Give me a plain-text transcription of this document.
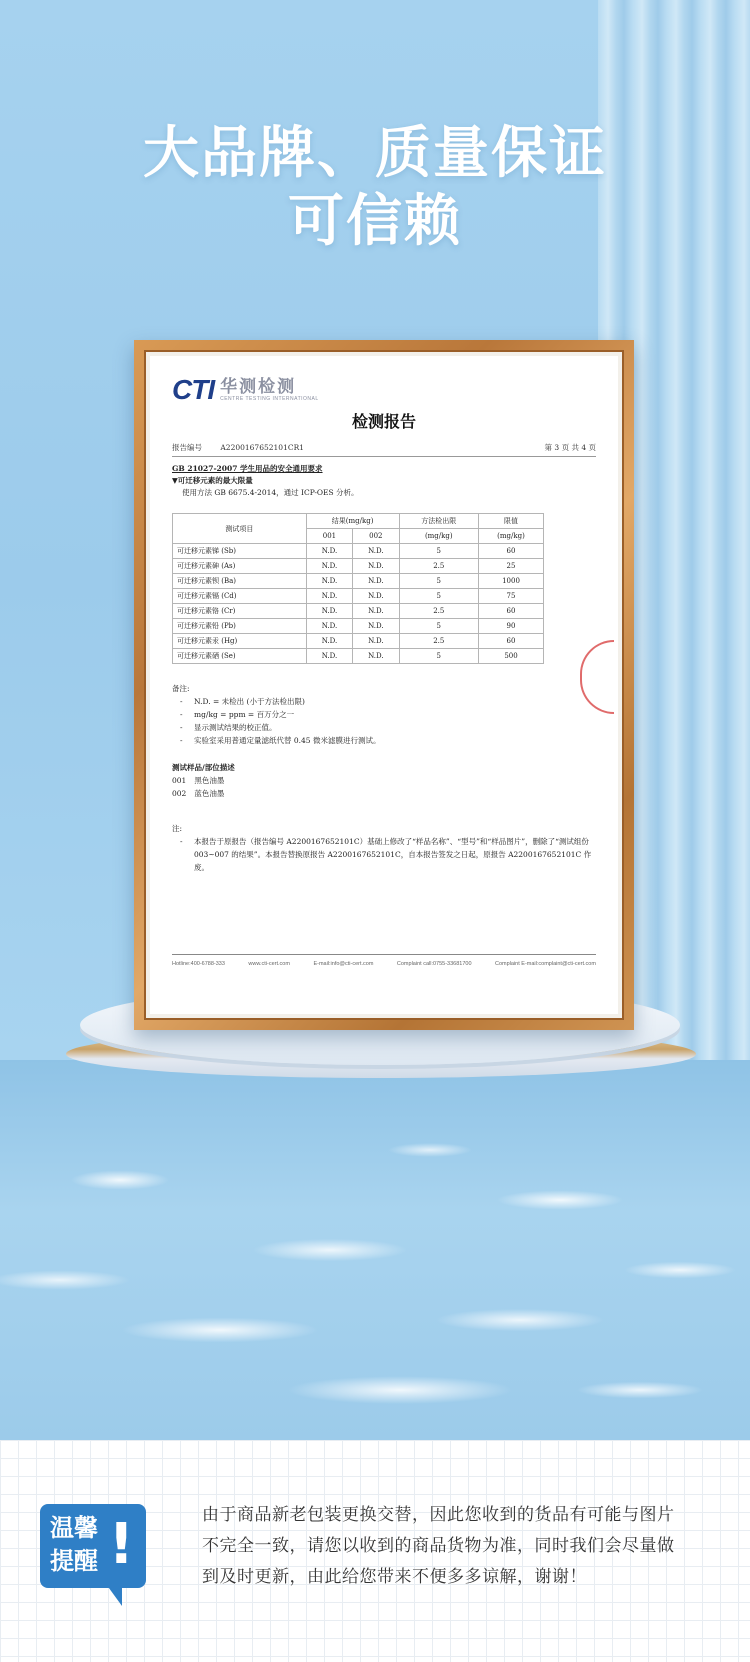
大品牌、质量保证
可信赖
CTI 华测检测
CENTRE TESTING INTERNATIONAL
检测报告
报告编号 A2200167652101CR1	第 3 页 共 4 页
GB 21027-2007 学生用品的安全通用要求
▼可迁移元素的最大限量
使用方法 GB 6675.4-2014，通过 ICP-OES 分析。
测试项目	结果(mg/kg)		方法检出限	限值
	001	002	(mg/kg)	(mg/kg)
可迁移元素锑 (Sb)	N.D.	N.D.	5	60
可迁移元素砷 (As)	N.D.	N.D.	2.5	25
可迁移元素钡 (Ba)	N.D.	N.D.	5	1000
可迁移元素镉 (Cd)	N.D.	N.D.	5	75
可迁移元素铬 (Cr)	N.D.	N.D.	2.5	60
可迁移元素铅 (Pb)	N.D.	N.D.	5	90
可迁移元素汞 (Hg)	N.D.	N.D.	2.5	60
可迁移元素硒 (Se)	N.D.	N.D.	5	500
备注:
- N.D. = 未检出 (小于方法检出限)
- mg/kg = ppm = 百万分之一
- 显示测试结果的校正值。
- 实验室采用普通定量滤纸代替 0.45 微米滤膜进行测试。
测试样品/部位描述
001 黑色油墨
002 蓝色油墨
注:
-	本报告于原报告（报告编号 A2200167652101C）基础上修改了“样品名称”、“型号”和“样品图片”，删除了“测试组份 003~007 的结果”。本报告替换原报告 A2200167652101C，自本报告签发之日起，原报告 A2200167652101C 作废。
Hotline:400-6788-333	www.cti-cert.com	E-mail:info@cti-cert.com	Complaint call:0755-33681700	Complaint E-mail:complaint@cti-cert.com
温馨
提醒 !	由于商品新老包装更换交替，因此您收到的货品有可能与图片不完全一致，请您以收到的商品货物为准，同时我们会尽量做到及时更新，由此给您带来不便多多谅解，谢谢！
